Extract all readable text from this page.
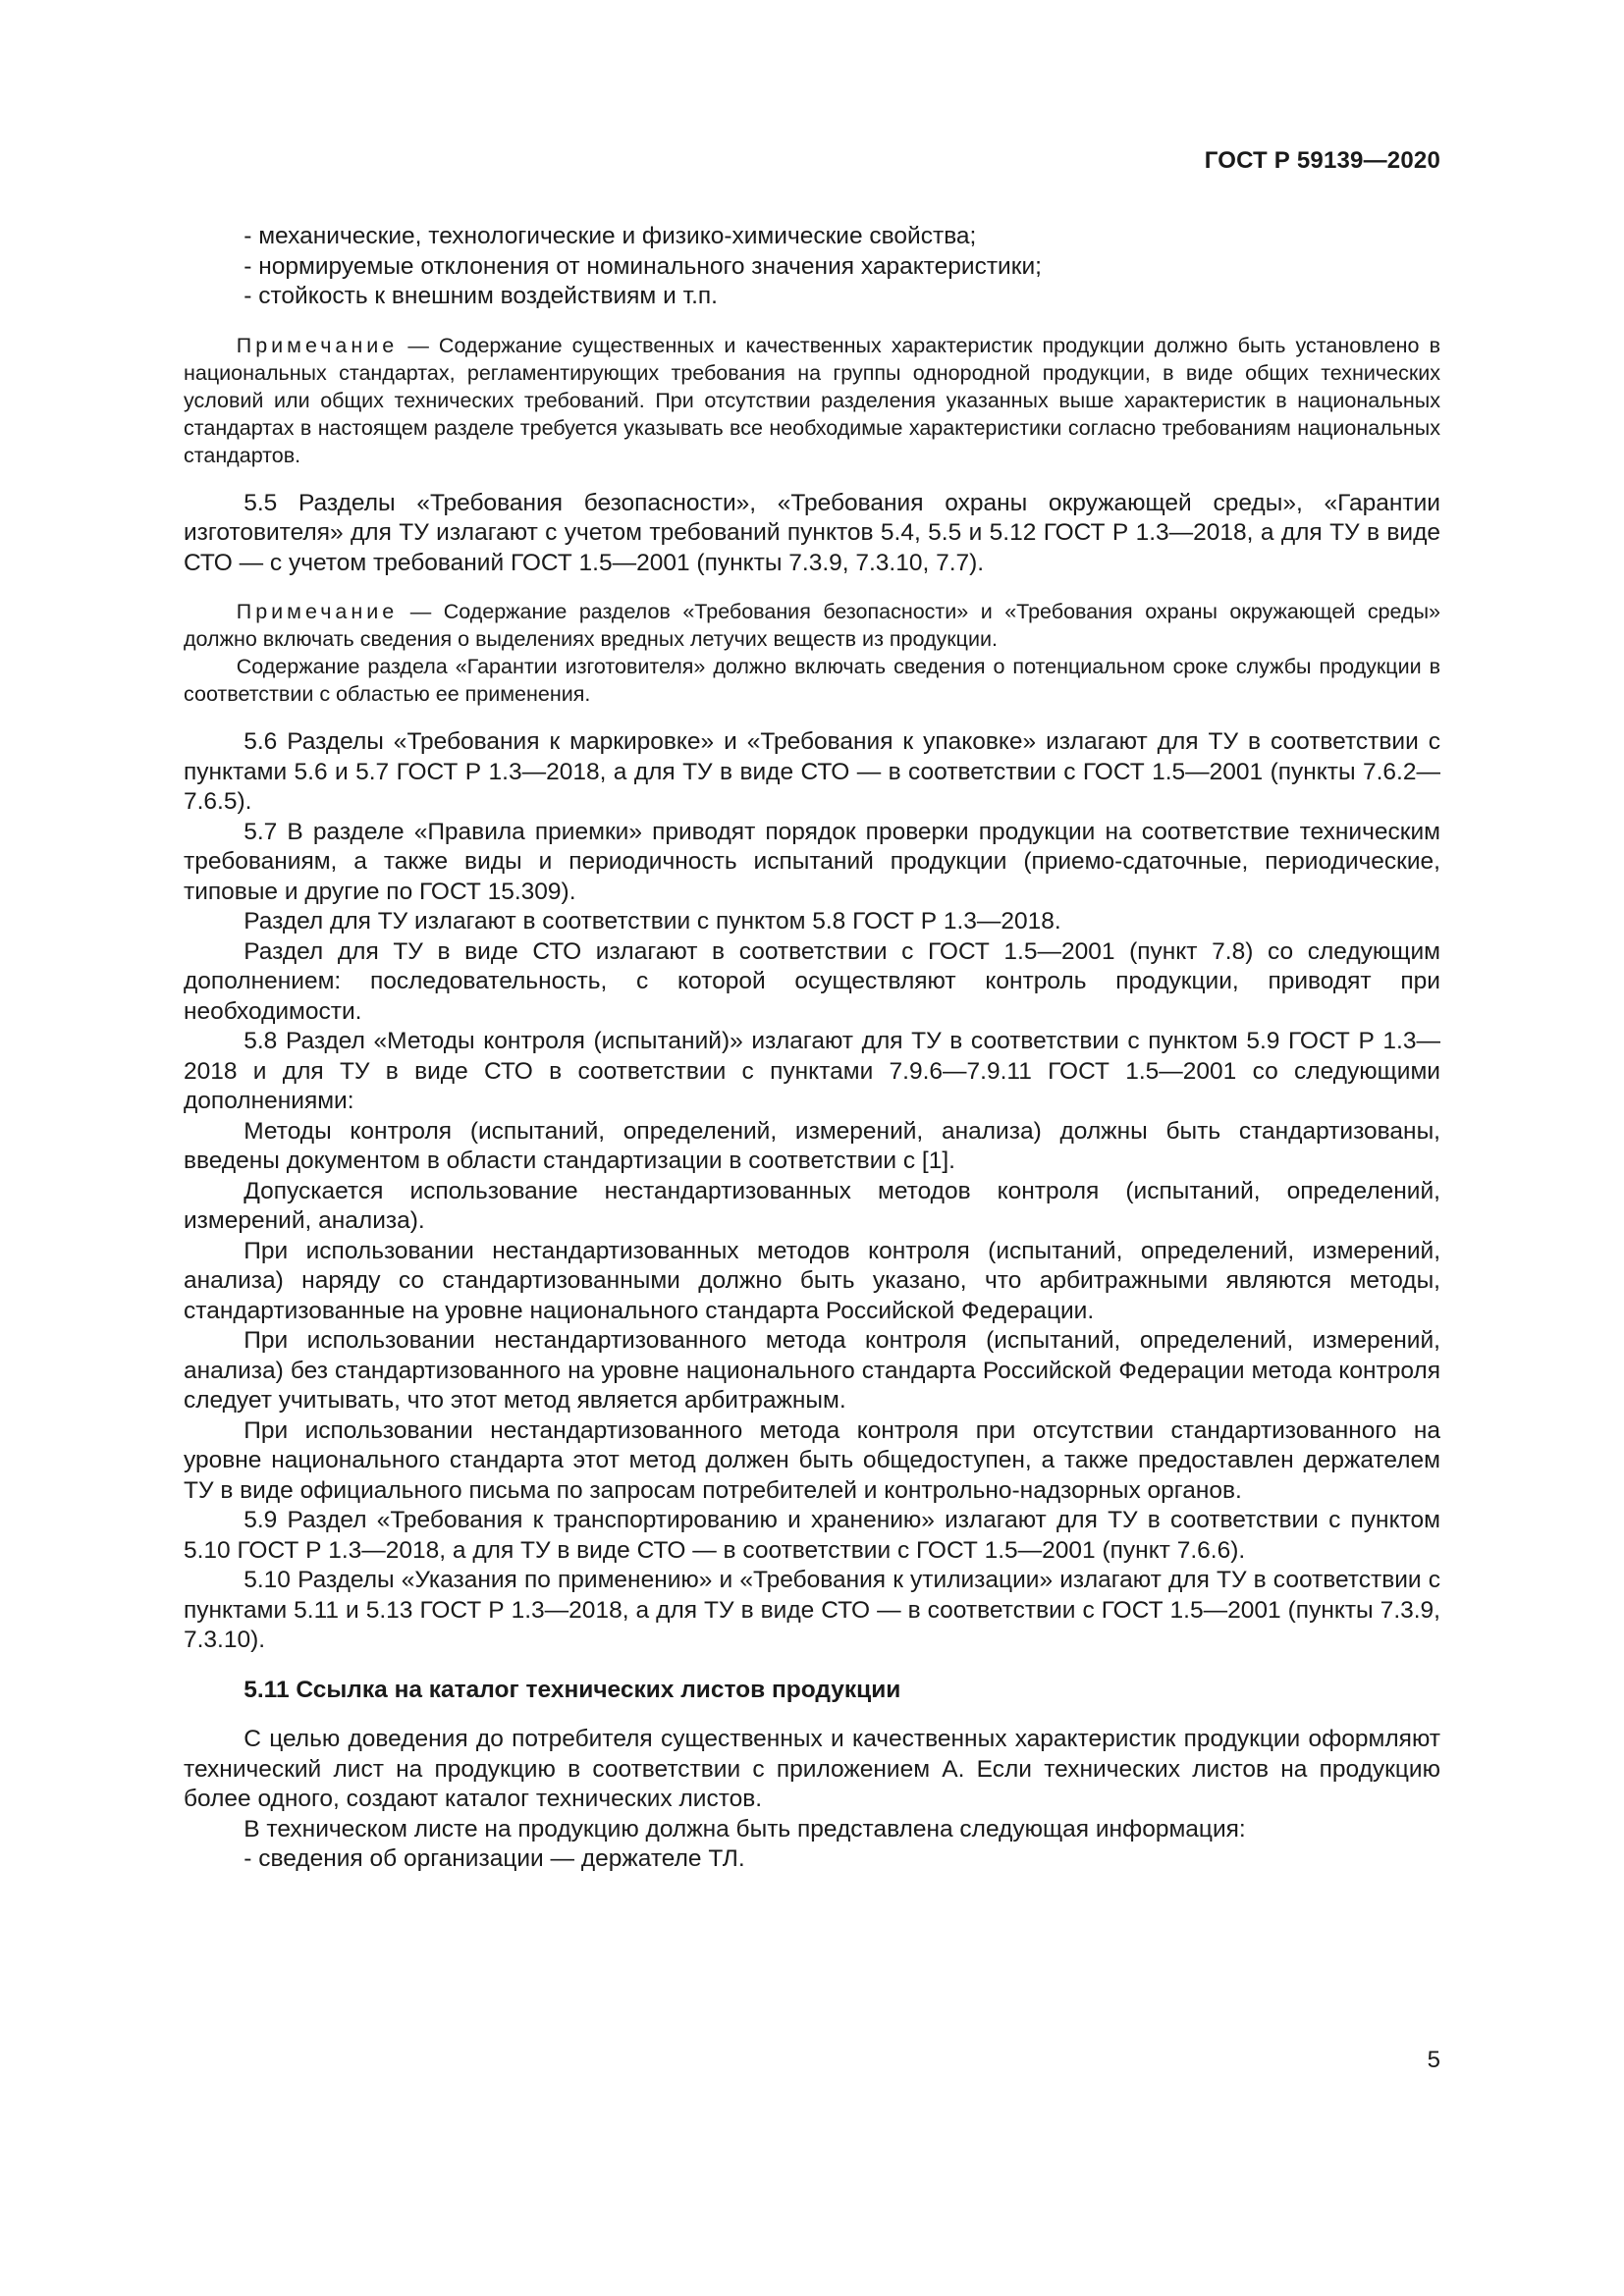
ГОСТ Р 59139—2020

- механические, технологические и физико-химические свойства;

- нормируемые отклонения от номинального значения характеристики;

- стойкость к внешним воздействиям и т.п.

Примечание — Содержание существенных и качественных характеристик продукции должно быть установлено в национальных стандартах, регламентирующих требования на группы однородной продукции, в виде общих технических условий или общих технических требований. При отсутствии разделения указанных выше характеристик в национальных стандартах в настоящем разделе требуется указывать все необходимые характеристики согласно требованиям национальных стандартов.

5.5 Разделы «Требования безопасности», «Требования охраны окружающей среды», «Гарантии изготовителя» для ТУ излагают с учетом требований пунктов 5.4, 5.5 и 5.12 ГОСТ Р 1.3—2018, а для ТУ в виде СТО — с учетом требований ГОСТ 1.5—2001 (пункты 7.3.9, 7.3.10, 7.7).

Примечание — Содержание разделов «Требования безопасности» и «Требования охраны окружающей среды» должно включать сведения о выделениях вредных летучих веществ из продукции.

Содержание раздела «Гарантии изготовителя» должно включать сведения о потенциальном сроке службы продукции в соответствии с областью ее применения.

5.6 Разделы «Требования к маркировке» и «Требования к упаковке» излагают для ТУ в соответствии с пунктами 5.6 и 5.7 ГОСТ Р 1.3—2018, а для ТУ в виде СТО — в соответствии с ГОСТ 1.5—2001 (пункты 7.6.2—7.6.5).

5.7 В разделе «Правила приемки» приводят порядок проверки продукции на соответствие техническим требованиям, а также виды и периодичность испытаний продукции (приемо-сдаточные, периодические, типовые и другие по ГОСТ 15.309).

Раздел для ТУ излагают в соответствии с пунктом 5.8 ГОСТ Р 1.3—2018.

Раздел для ТУ в виде СТО излагают в соответствии с ГОСТ 1.5—2001 (пункт 7.8) со следующим дополнением: последовательность, с которой осуществляют контроль продукции, приводят при необходимости.

5.8 Раздел «Методы контроля (испытаний)» излагают для ТУ в соответствии с пунктом 5.9 ГОСТ Р 1.3—2018 и для ТУ в виде СТО в соответствии с пунктами 7.9.6—7.9.11 ГОСТ 1.5—2001 со следующими дополнениями:

Методы контроля (испытаний, определений, измерений, анализа) должны быть стандартизованы, введены документом в области стандартизации в соответствии с [1].

Допускается использование нестандартизованных методов контроля (испытаний, определений, измерений, анализа).

При использовании нестандартизованных методов контроля (испытаний, определений, измерений, анализа) наряду со стандартизованными должно быть указано, что арбитражными являются методы, стандартизованные на уровне национального стандарта Российской Федерации.

При использовании нестандартизованного метода контроля (испытаний, определений, измерений, анализа) без стандартизованного на уровне национального стандарта Российской Федерации метода контроля следует учитывать, что этот метод является арбитражным.

При использовании нестандартизованного метода контроля при отсутствии стандартизованного на уровне национального стандарта этот метод должен быть общедоступен, а также предоставлен держателем ТУ в виде официального письма по запросам потребителей и контрольно-надзорных органов.

5.9 Раздел «Требования к транспортированию и хранению» излагают для ТУ в соответствии с пунктом 5.10 ГОСТ Р 1.3—2018, а для ТУ в виде СТО — в соответствии с ГОСТ 1.5—2001 (пункт 7.6.6).

5.10 Разделы «Указания по применению» и «Требования к утилизации» излагают для ТУ в соответствии с пунктами 5.11 и 5.13 ГОСТ Р 1.3—2018, а для ТУ в виде СТО — в соответствии с ГОСТ 1.5—2001 (пункты 7.3.9, 7.3.10).

5.11 Ссылка на каталог технических листов продукции

С целью доведения до потребителя существенных и качественных характеристик продукции оформляют технический лист на продукцию в соответствии с приложением А. Если технических листов на продукцию более одного, создают каталог технических листов.

В техническом листе на продукцию должна быть представлена следующая информация:

- сведения об организации — держателе ТЛ.

5
